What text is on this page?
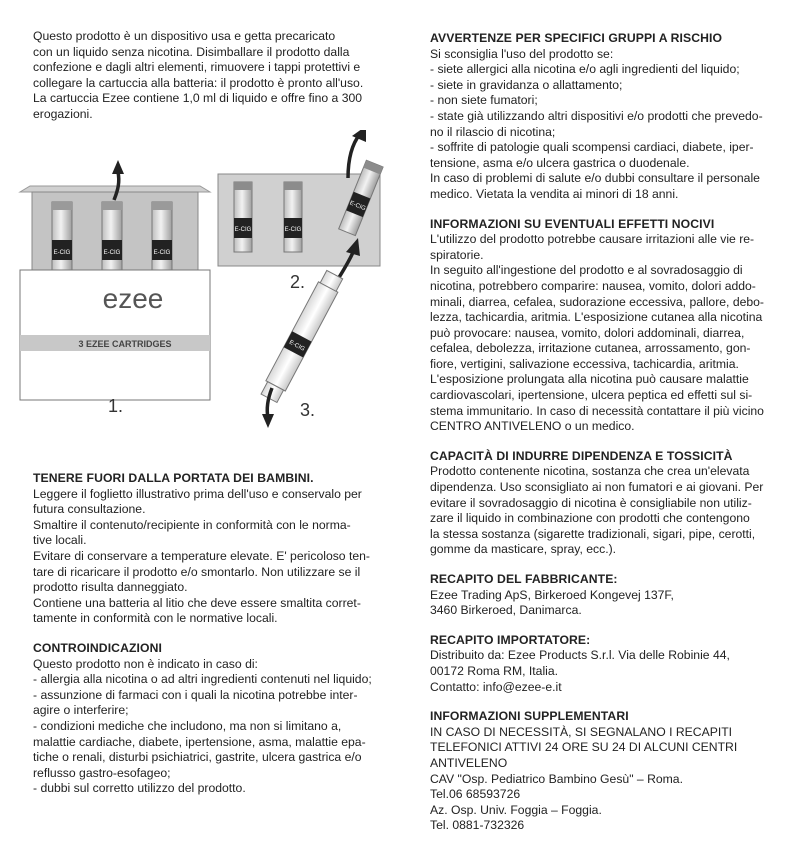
Questo prodotto è un dispositivo usa e getta precaricato

con un liquido senza nicotina. Disimballare il prodotto dalla

confezione e dagli altri elementi, rimuovere i tappi protettivi e

collegare la cartuccia alla batteria: il prodotto è pronto all'uso.

La cartuccia Ezee contiene 1,0 ml di liquido e offre fino a 300

erogazioni.

E-CIG	E-CIG	E-CIG
ezee
3 EZEE CARTRIDGES
1.
E-CIG	E-CIG
E-CIG
2.
E-CIG
3.

TENERE FUORI DALLA PORTATA DEI BAMBINI.

Leggere il foglietto illustrativo prima dell'uso e conservalo per

futura consultazione.

Smaltire il contenuto/recipiente in conformità con le norma-

tive locali.

Evitare di conservare a temperature elevate. E' pericoloso ten-

tare di ricaricare il prodotto e/o smontarlo. Non utilizzare se il

prodotto risulta danneggiato.

Contiene una batteria al litio che deve essere smaltita corret-

tamente in conformità con le normative locali.

CONTROINDICAZIONI

Questo prodotto non è indicato in caso di:

- allergia alla nicotina o ad altri ingredienti contenuti nel liquido;

- assunzione di farmaci con i quali la nicotina potrebbe inter-

agire o interferire;

- condizioni mediche che includono, ma non si limitano a,

malattie cardiache, diabete, ipertensione, asma, malattie epa-

tiche o renali, disturbi psichiatrici, gastrite, ulcera gastrica e/o

reflusso gastro-esofageo;

- dubbi sul corretto utilizzo del prodotto.

AVVERTENZE PER SPECIFICI GRUPPI A RISCHIO

Si sconsiglia l'uso del prodotto se:

- siete allergici alla nicotina e/o agli ingredienti del liquido;

- siete in gravidanza o allattamento;

- non siete fumatori;

- state già utilizzando altri dispositivi e/o prodotti che prevedo-

no il rilascio di nicotina;

- soffrite di patologie quali scompensi cardiaci, diabete, iper-

tensione, asma e/o ulcera gastrica o duodenale.

In caso di problemi di salute e/o dubbi consultare il personale

medico. Vietata la vendita ai minori di 18 anni.

INFORMAZIONI SU EVENTUALI EFFETTI NOCIVI

L'utilizzo del prodotto potrebbe causare irritazioni alle vie re-

spiratorie.

In seguito all'ingestione del prodotto e al sovradosaggio di

nicotina, potrebbero comparire: nausea, vomito, dolori addo-

minali, diarrea, cefalea, sudorazione eccessiva, pallore, debo-

lezza, tachicardia, aritmia. L'esposizione cutanea alla nicotina

può provocare: nausea, vomito, dolori addominali, diarrea,

cefalea, debolezza, irritazione cutanea, arrossamento, gon-

fiore, vertigini, salivazione eccessiva, tachicardia, aritmia.

L'esposizione prolungata alla nicotina può causare malattie

cardiovascolari, ipertensione, ulcera peptica ed effetti sul si-

stema immunitario. In caso di necessità contattare il più vicino

CENTRO ANTIVELENO o un medico.

CAPACITÀ DI INDURRE DIPENDENZA E TOSSICITÀ

Prodotto contenente nicotina, sostanza che crea un'elevata

dipendenza. Uso sconsigliato ai non fumatori e ai giovani. Per

evitare il sovradosaggio di nicotina è consigliabile non utiliz-

zare il liquido in combinazione con prodotti che contengono

la stessa sostanza (sigarette tradizionali, sigari, pipe, cerotti,

gomme da masticare, spray, ecc.).

RECAPITO DEL FABBRICANTE:

Ezee Trading ApS, Birkeroed Kongevej 137F,

3460 Birkeroed, Danimarca.

RECAPITO IMPORTATORE:

Distribuito da: Ezee Products S.r.l. Via delle Robinie 44,

00172 Roma RM, Italia.

Contatto: info@ezee-e.it

INFORMAZIONI SUPPLEMENTARI

IN CASO DI NECESSITÀ, SI SEGNALANO I RECAPITI

TELEFONICI ATTIVI 24 ORE SU 24 DI ALCUNI CENTRI

ANTIVELENO

CAV "Osp. Pediatrico Bambino Gesù" – Roma.

Tel.06 68593726

Az. Osp. Univ. Foggia – Foggia.

Tel. 0881-732326
